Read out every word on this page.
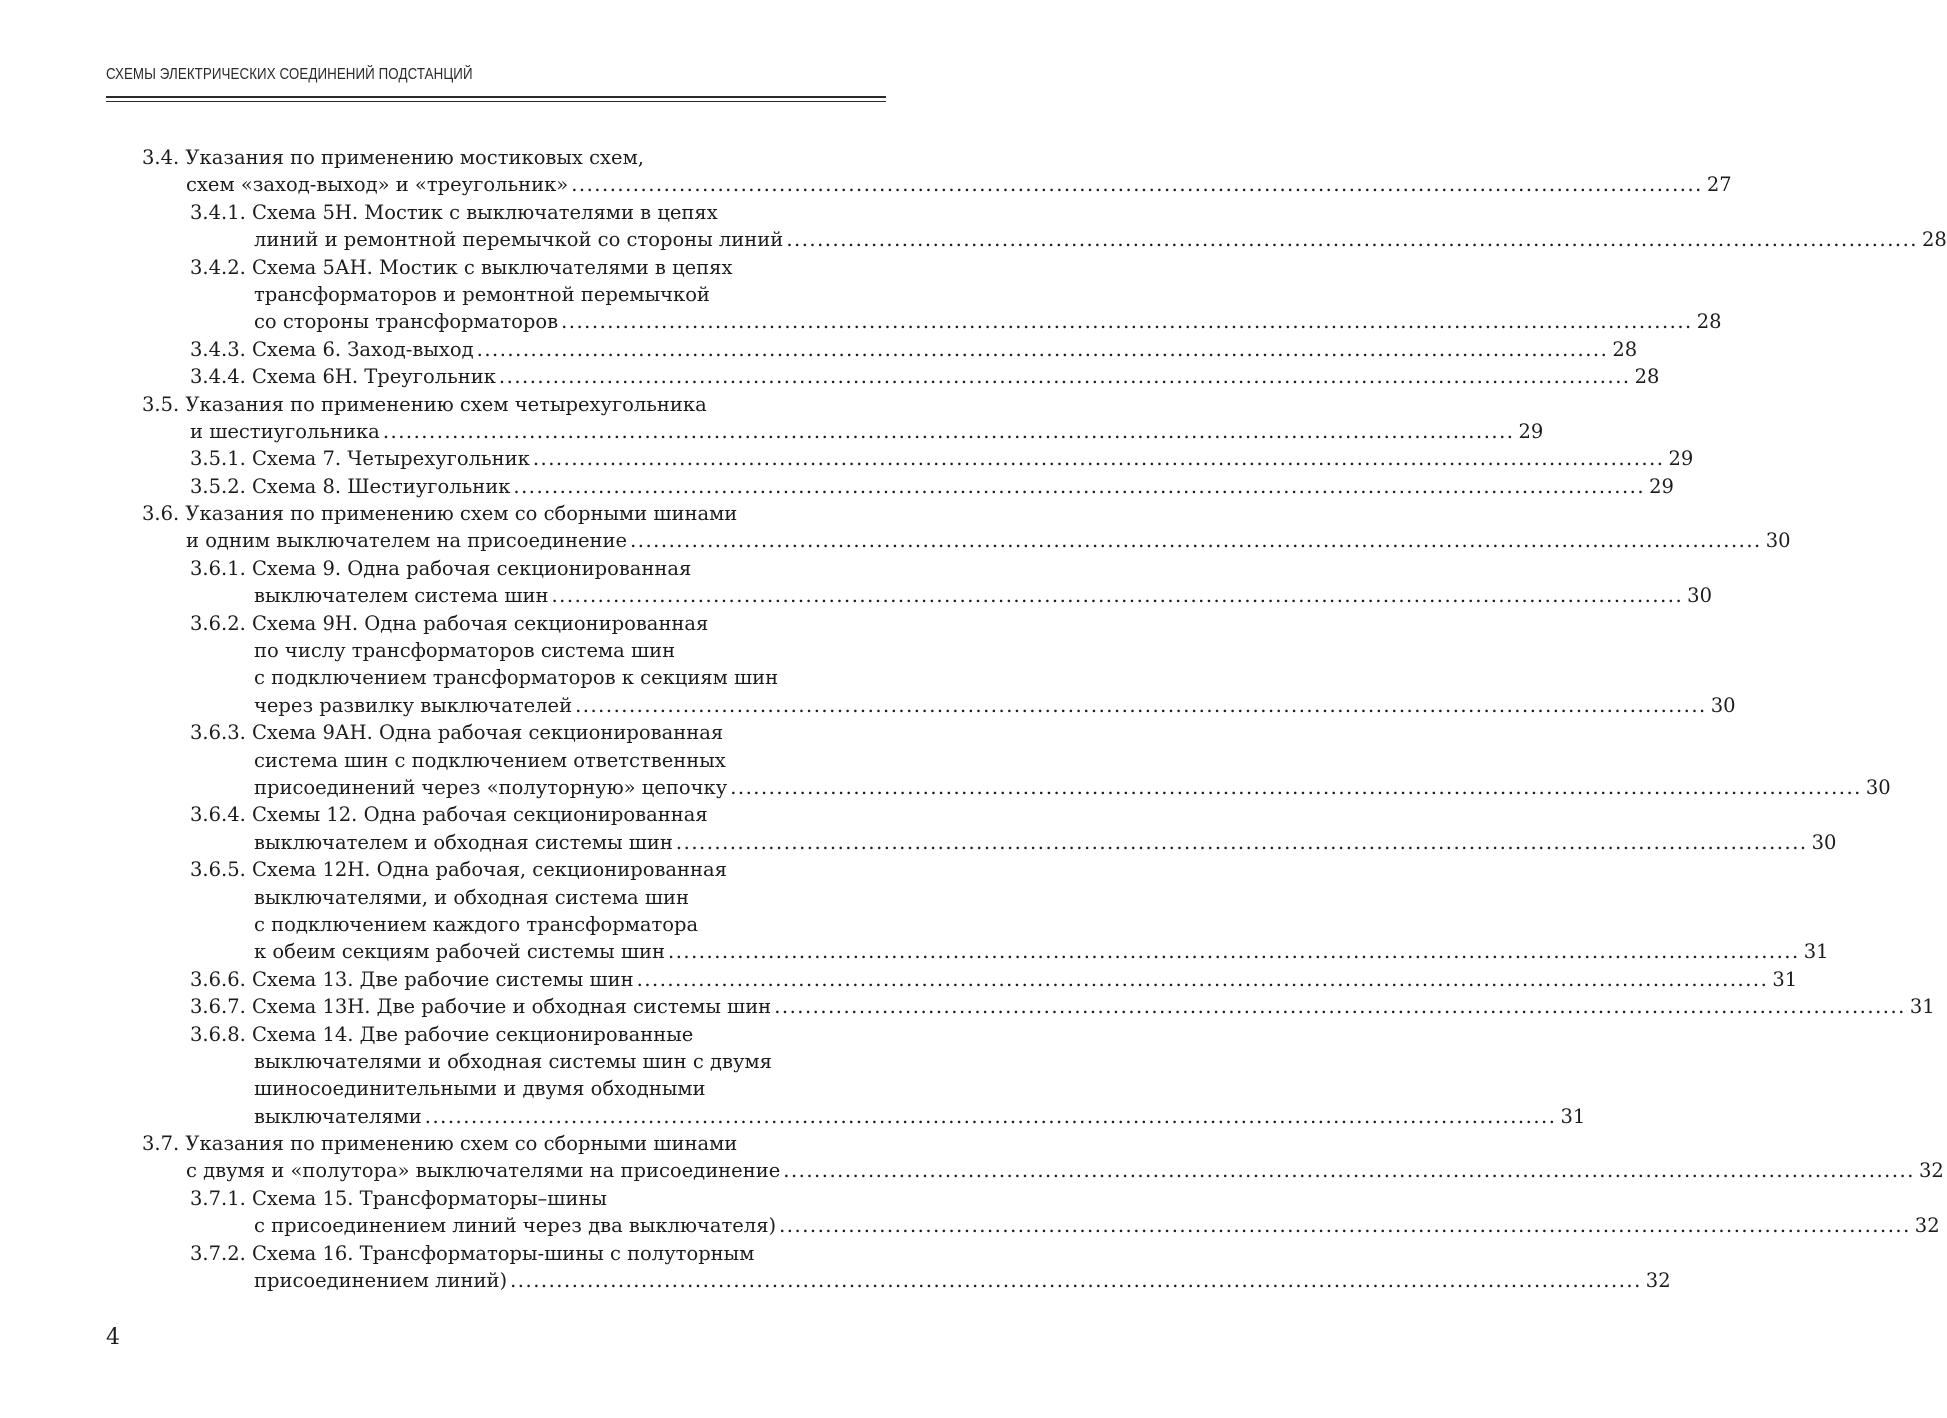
СХЕМЫ ЭЛЕКТРИЧЕСКИХ СОЕДИНЕНИЙ ПОДСТАНЦИЙ
3.4. Указания по применению мостиковых схем,
схем «заход-выход» и «треугольник» .....	27
3.4.1. Схема 5Н. Мостик с выключателями в цепях
линий и ремонтной перемычкой со стороны линий .....	28
3.4.2. Схема 5АН. Мостик с выключателями в цепях
трансформаторов и ремонтной перемычкой
со стороны трансформаторов .....	28
3.4.3. Схема 6. Заход-выход .....	28
3.4.4. Схема 6Н. Треугольник .....	28
3.5. Указания по применению схем четырехугольника
и шестиугольника .....	29
3.5.1. Схема 7. Четырехугольник .....	29
3.5.2. Схема 8. Шестиугольник .....	29
3.6. Указания по применению схем со сборными шинами
и одним выключателем на присоединение .....	30
3.6.1. Схема 9. Одна рабочая секционированная
выключателем система шин .....	30
3.6.2. Схема 9Н. Одна рабочая секционированная
по числу трансформаторов система шин
с подключением трансформаторов к секциям шин
через развилку выключателей .....	30
3.6.3. Схема 9АН. Одна рабочая секционированная
система шин с подключением ответственных
присоединений через «полуторную» цепочку .....	30
3.6.4. Схемы 12. Одна рабочая секционированная
выключателем и обходная системы шин .....	30
3.6.5. Схема 12Н. Одна рабочая, секционированная
выключателями, и обходная система шин
с подключением каждого трансформатора
к обеим секциям рабочей системы шин .....	31
3.6.6. Схема 13. Две рабочие системы шин .....	31
3.6.7. Схема 13Н. Две рабочие и обходная системы шин .....	31
3.6.8. Схема 14. Две рабочие секционированные
выключателями и обходная системы шин с двумя
шиносоединительными и двумя обходными
выключателями .....	31
3.7. Указания по применению схем со сборными шинами
с двумя и «полутора» выключателями на присоединение .....	32
3.7.1. Схема 15. Трансформаторы–шины
с присоединением линий через два выключателя) .....	32
3.7.2. Схема 16. Трансформаторы-шины с полуторным
присоединением линий) .....	32
4
